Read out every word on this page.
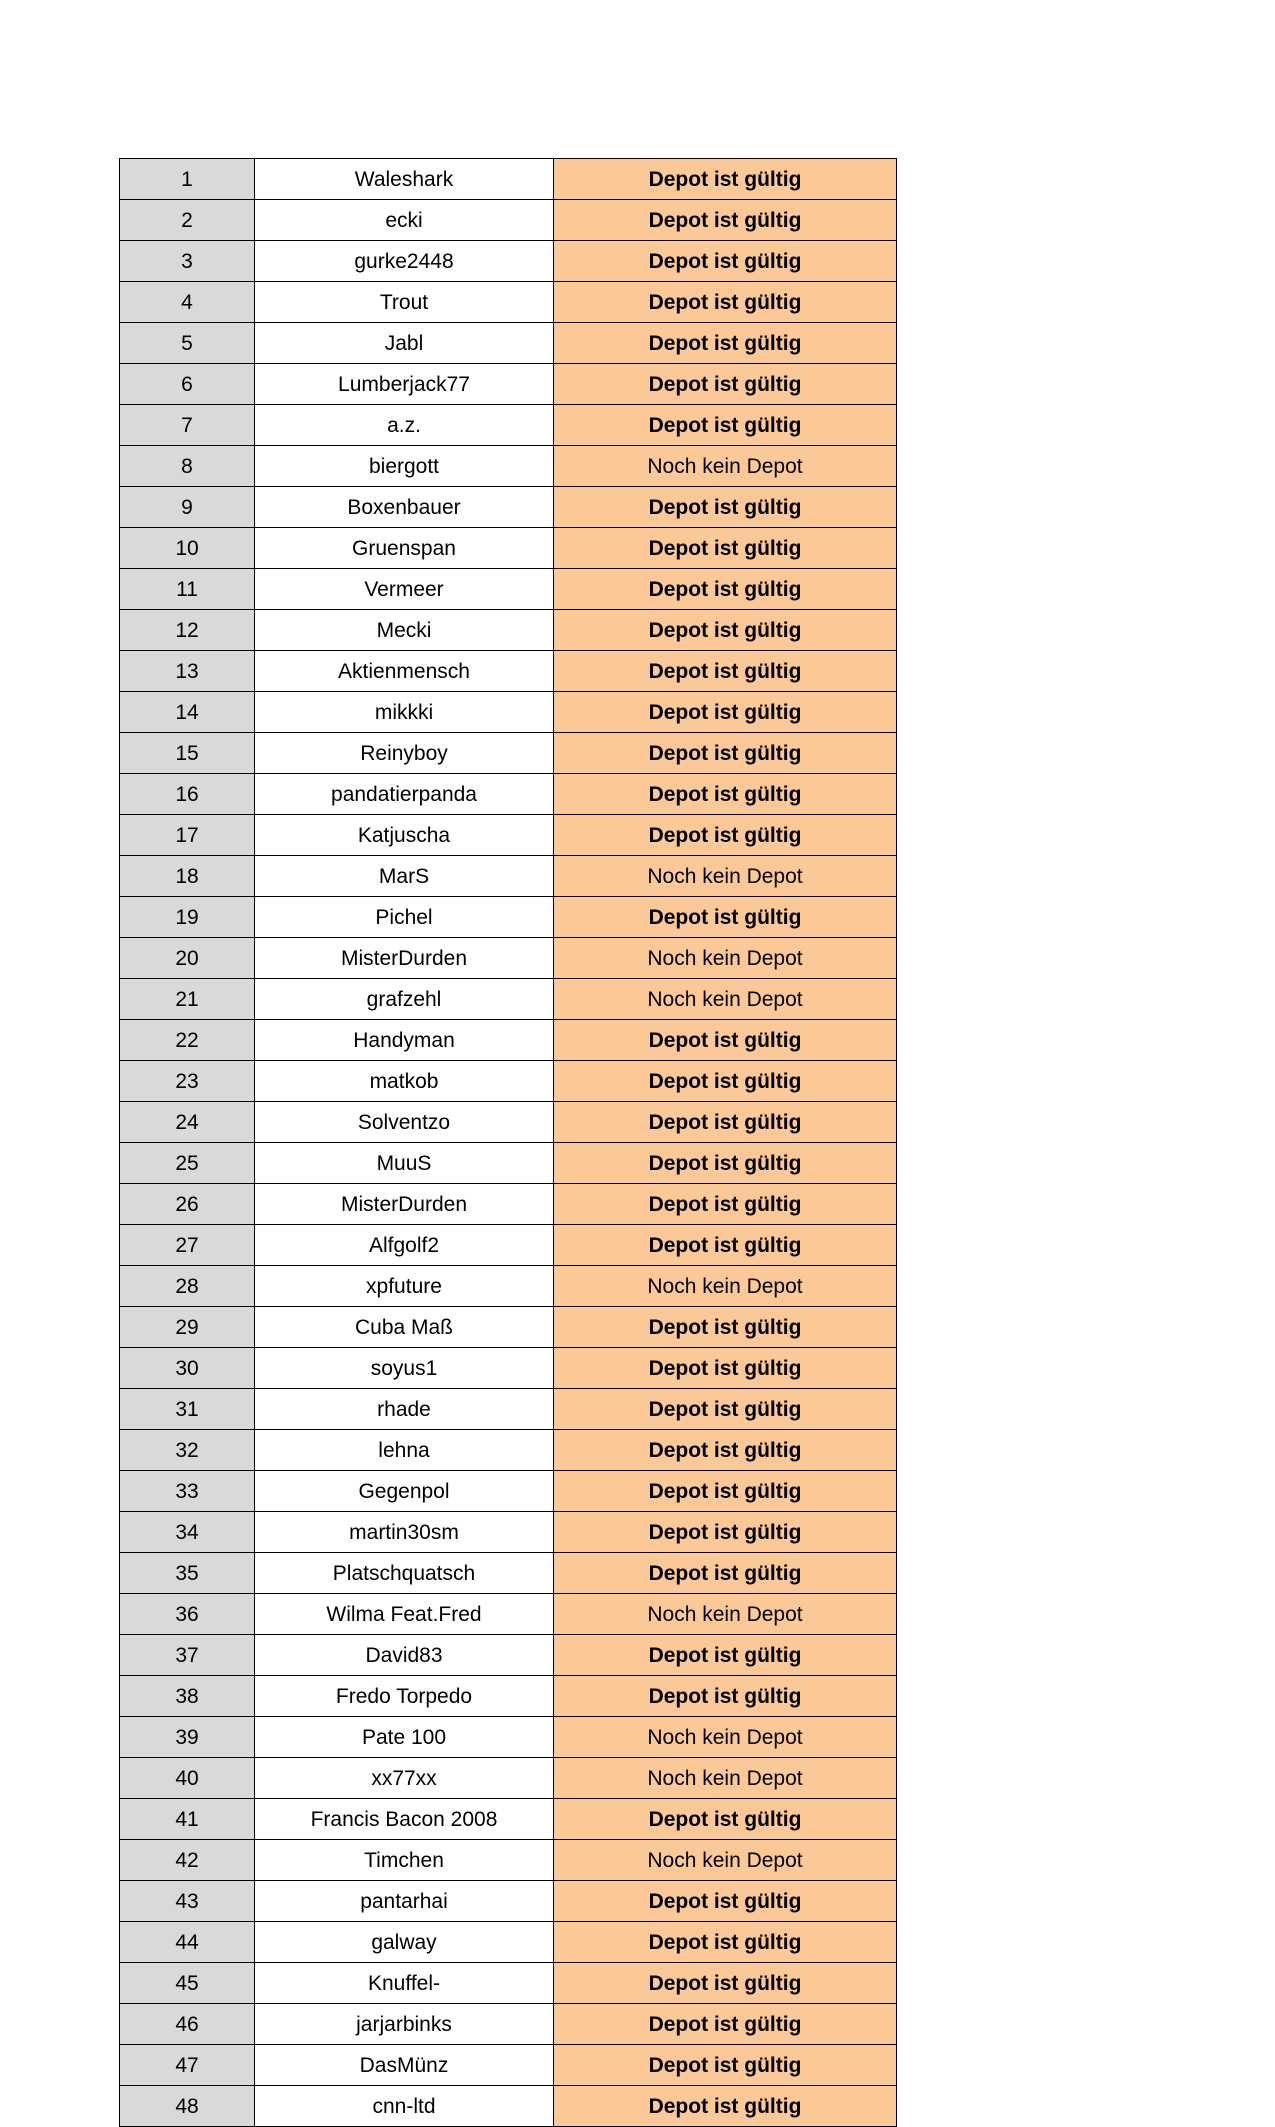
1	Waleshark	Depot ist gültig
2	ecki	Depot ist gültig
3	gurke2448	Depot ist gültig
4	Trout	Depot ist gültig
5	Jabl	Depot ist gültig
6	Lumberjack77	Depot ist gültig
7	a.z.	Depot ist gültig
8	biergott	Noch kein Depot
9	Boxenbauer	Depot ist gültig
10	Gruenspan	Depot ist gültig
11	Vermeer	Depot ist gültig
12	Mecki	Depot ist gültig
13	Aktienmensch	Depot ist gültig
14	mikkki	Depot ist gültig
15	Reinyboy	Depot ist gültig
16	pandatierpanda	Depot ist gültig
17	Katjuscha	Depot ist gültig
18	MarS	Noch kein Depot
19	Pichel	Depot ist gültig
20	MisterDurden	Noch kein Depot
21	grafzehl	Noch kein Depot
22	Handyman	Depot ist gültig
23	matkob	Depot ist gültig
24	Solventzo	Depot ist gültig
25	MuuS	Depot ist gültig
26	MisterDurden	Depot ist gültig
27	Alfgolf2	Depot ist gültig
28	xpfuture	Noch kein Depot
29	Cuba Maß	Depot ist gültig
30	soyus1	Depot ist gültig
31	rhade	Depot ist gültig
32	lehna	Depot ist gültig
33	Gegenpol	Depot ist gültig
34	martin30sm	Depot ist gültig
35	Platschquatsch	Depot ist gültig
36	Wilma Feat.Fred	Noch kein Depot
37	David83	Depot ist gültig
38	Fredo Torpedo	Depot ist gültig
39	Pate 100	Noch kein Depot
40	xx77xx	Noch kein Depot
41	Francis Bacon 2008	Depot ist gültig
42	Timchen	Noch kein Depot
43	pantarhai	Depot ist gültig
44	galway	Depot ist gültig
45	Knuffel-	Depot ist gültig
46	jarjarbinks	Depot ist gültig
47	DasMünz	Depot ist gültig
48	cnn-ltd	Depot ist gültig
